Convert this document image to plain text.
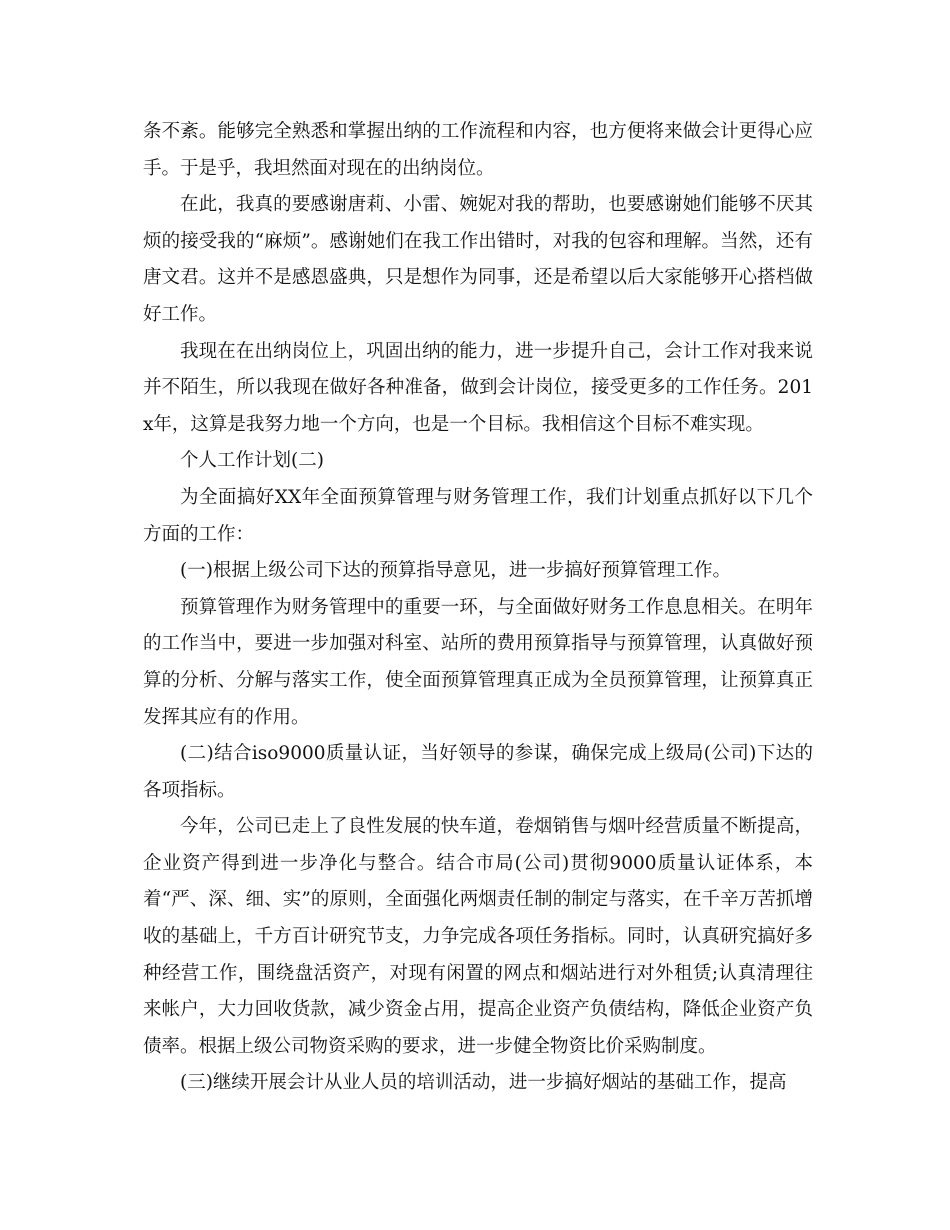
条不紊。能够完全熟悉和掌握出纳的工作流程和内容，也方便将来做会计更得心应手。于是乎，我坦然面对现在的出纳岗位。

在此，我真的要感谢唐莉、小雷、婉妮对我的帮助，也要感谢她们能够不厌其烦的接受我的“麻烦”。感谢她们在我工作出错时，对我的包容和理解。当然，还有唐文君。这并不是感恩盛典，只是想作为同事，还是希望以后大家能够开心搭档做好工作。

我现在在出纳岗位上，巩固出纳的能力，进一步提升自己，会计工作对我来说并不陌生，所以我现在做好各种准备，做到会计岗位，接受更多的工作任务。201x年，这算是我努力地一个方向，也是一个目标。我相信这个目标不难实现。

个人工作计划(二)

为全面搞好XX年全面预算管理与财务管理工作，我们计划重点抓好以下几个方面的工作：

(一)根据上级公司下达的预算指导意见，进一步搞好预算管理工作。

预算管理作为财务管理中的重要一环，与全面做好财务工作息息相关。在明年的工作当中，要进一步加强对科室、站所的费用预算指导与预算管理，认真做好预算的分析、分解与落实工作，使全面预算管理真正成为全员预算管理，让预算真正发挥其应有的作用。

(二)结合iso9000质量认证，当好领导的参谋，确保完成上级局(公司)下达的各项指标。

今年，公司已走上了良性发展的快车道，卷烟销售与烟叶经营质量不断提高，企业资产得到进一步净化与整合。结合市局(公司)贯彻9000质量认证体系，本着“严、深、细、实”的原则，全面强化两烟责任制的制定与落实，在千辛万苦抓增收的基础上，千方百计研究节支，力争完成各项任务指标。同时，认真研究搞好多种经营工作，围绕盘活资产，对现有闲置的网点和烟站进行对外租赁;认真清理往来帐户，大力回收货款，减少资金占用，提高企业资产负债结构，降低企业资产负债率。根据上级公司物资采购的要求，进一步健全物资比价采购制度。

(三)继续开展会计从业人员的培训活动，进一步搞好烟站的基础工作，提高
